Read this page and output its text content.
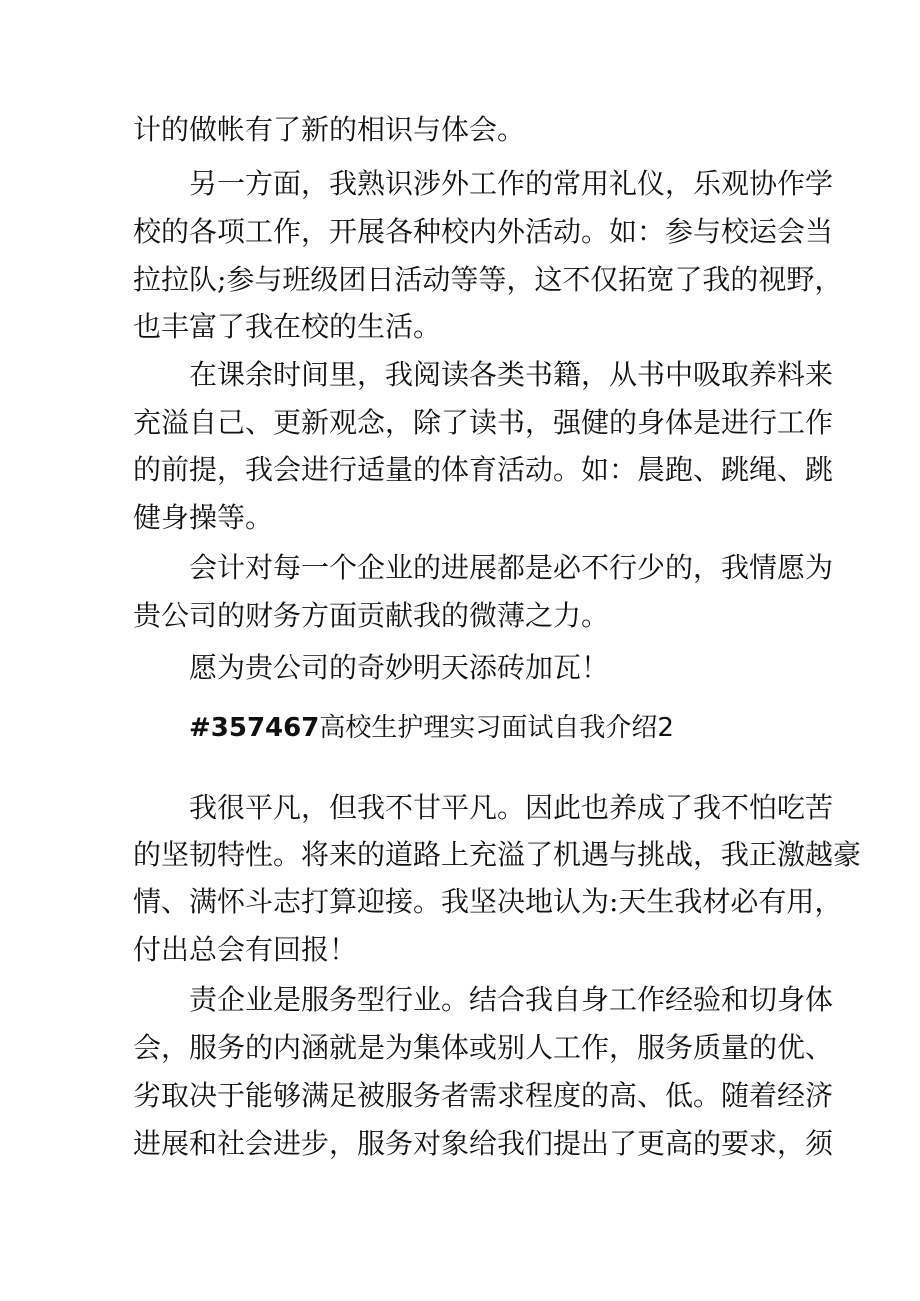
计的做帐有了新的相识与体会。
另一方面，我熟识涉外工作的常用礼仪，乐观协作学
校的各项工作，开展各种校内外活动。如：参与校运会当
拉拉队;参与班级团日活动等等，这不仅拓宽了我的视野，
也丰富了我在校的生活。
在课余时间里，我阅读各类书籍，从书中吸取养料来
充溢自己、更新观念，除了读书，强健的身体是进行工作
的前提，我会进行适量的体育活动。如：晨跑、跳绳、跳
健身操等。
会计对每一个企业的进展都是必不行少的，我情愿为
贵公司的财务方面贡献我的微薄之力。
愿为贵公司的奇妙明天添砖加瓦！
#357467高校生护理实习面试自我介绍2
我很平凡，但我不甘平凡。因此也养成了我不怕吃苦
的坚韧特性。将来的道路上充溢了机遇与挑战，我正激越豪
情、满怀斗志打算迎接。我坚决地认为:天生我材必有用，
付出总会有回报！
责企业是服务型行业。结合我自身工作经验和切身体
会，服务的内涵就是为集体或别人工作，服务质量的优、
劣取决于能够满足被服务者需求程度的高、低。随着经济
进展和社会进步，服务对象给我们提出了更高的要求，须
